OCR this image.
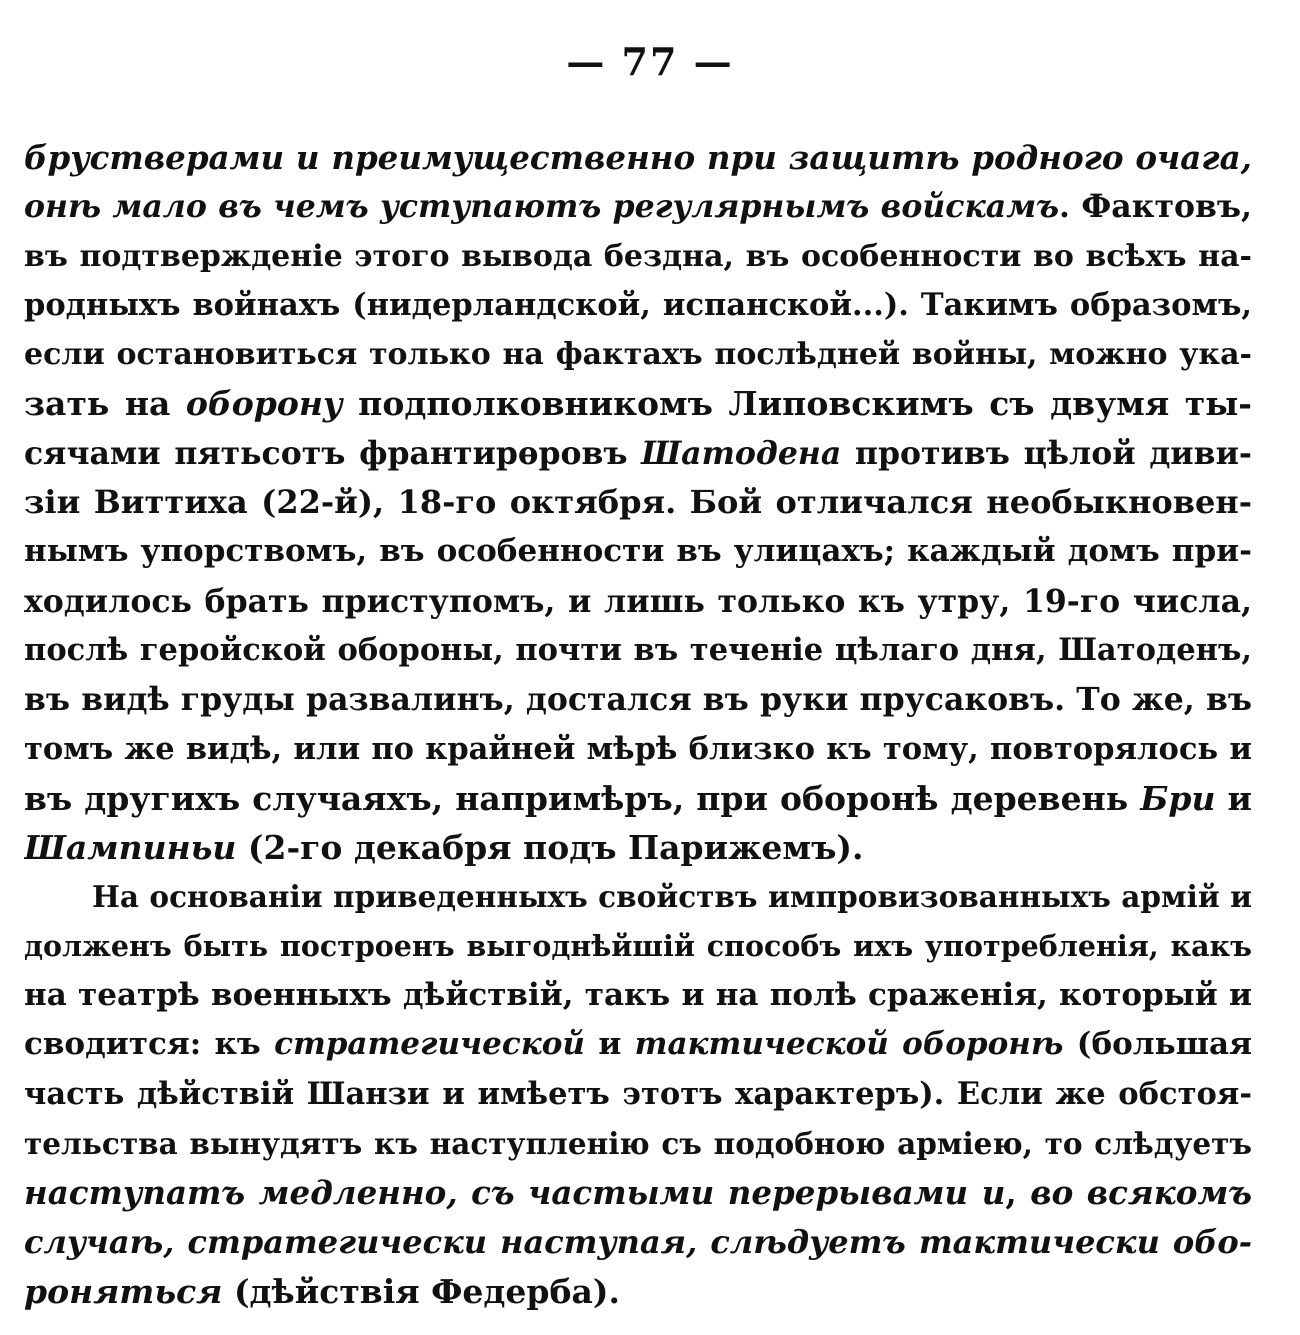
— 77 —
брустверами и преимущественно при защитѣ родного очага,
онѣ мало въ чемъ уступаютъ регулярнымъ войскамъ. Фактовъ,
въ подтвержденіе этого вывода бездна, въ особенности во всѣхъ на-
родныхъ войнахъ (нидерландской, испанской...). Такимъ образомъ,
если остановиться только на фактахъ послѣдней войны, можно ука-
зать на оборону подполковникомъ Липовскимъ съ двумя ты-
сячами пятьсотъ франтирѳровъ Шатодена противъ цѣлой диви-
зіи Виттиха (22-й), 18-го октября. Бой отличался необыкновен-
нымъ упорствомъ, въ особенности въ улицахъ; каждый домъ при-
ходилось брать приступомъ, и лишь только къ утру, 19-го числа,
послѣ геройской обороны, почти въ теченіе цѣлаго дня, Шатоденъ,
въ видѣ груды развалинъ, достался въ руки прусаковъ. То же, въ
томъ же видѣ, или по крайней мѣрѣ близко къ тому, повторялось и
въ другихъ случаяхъ, напримѣръ, при оборонѣ деревень Бри и
Шампиньи (2-го декабря подъ Парижемъ).
На основаніи приведенныхъ свойствъ импровизованныхъ армій и
долженъ быть построенъ выгоднѣйшій способъ ихъ употребленія, какъ
на театрѣ военныхъ дѣйствій, такъ и на полѣ сраженія, который и
сводится: къ стратегической и тактической оборонѣ (большая
часть дѣйствій Шанзи и имѣетъ этотъ характеръ). Если же обстоя-
тельства вынудятъ къ наступленію съ подобною арміею, то слѣдуетъ
наступатъ медленно, съ частыми перерывами и, во всякомъ
случаѣ, стратегически наступая, слѣдуетъ тактически обо-
роняться (дѣйствія Федерба).
